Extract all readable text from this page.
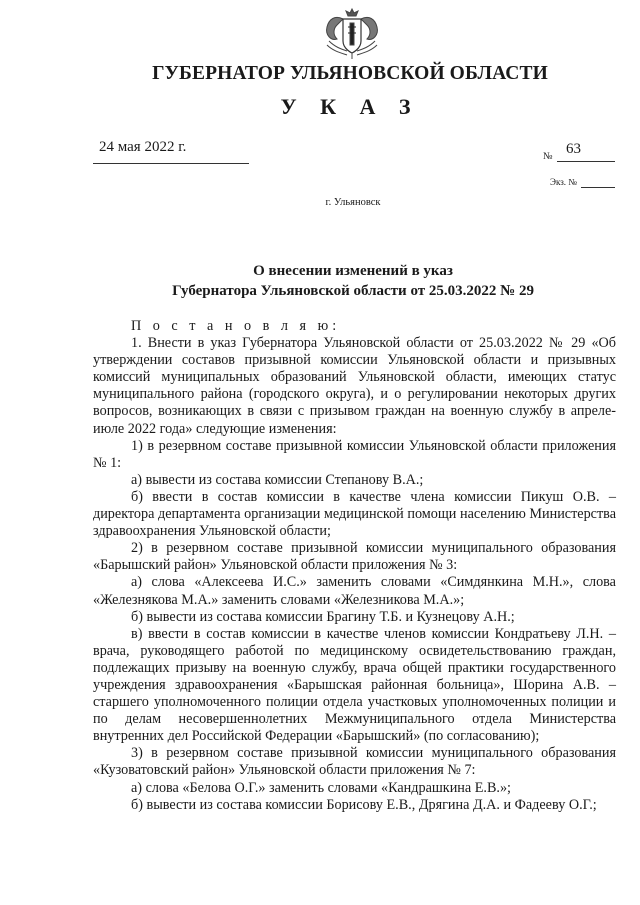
ГУБЕРНАТОР УЛЬЯНОВСКОЙ ОБЛАСТИ
У К А З
24 мая 2022 г.
№ 63
Экз. №
г. Ульяновск
О внесении изменений в указ
Губернатора Ульяновской области от 25.03.2022 № 29

П о с т а н о в л я ю:

1. Внести в указ Губернатора Ульяновской области от 25.03.2022 № 29 «Об утверждении составов призывной комиссии Ульяновской области и призывных комиссий муниципальных образований Ульяновской области, имеющих статус муниципального района (городского округа), и о регулировании некоторых других вопросов, возникающих в связи с призывом граждан на военную службу в апреле-июле 2022 года» следующие изменения:

1) в резервном составе призывной комиссии Ульяновской области приложения № 1:

а) вывести из состава комиссии Степанову В.А.;

б) ввести в состав комиссии в качестве члена комиссии Пикуш О.В. – директора департамента организации медицинской помощи населению Министерства здравоохранения Ульяновской области;

2) в резервном составе призывной комиссии муниципального образования «Барышский район» Ульяновской области приложения № 3:

а) слова «Алексеева И.С.» заменить словами «Симдянкина М.Н.», слова «Железнякова М.А.» заменить словами «Железникова М.А.»;

б) вывести из состава комиссии Брагину Т.Б. и Кузнецову А.Н.;

в) ввести в состав комиссии в качестве членов комиссии Кондратьеву Л.Н. – врача, руководящего работой по медицинскому освидетельствованию граждан, подлежащих призыву на военную службу, врача общей практики государственного учреждения здравоохранения «Барышская районная больница», Шорина А.В. – старшего уполномоченного полиции отдела участковых уполномоченных полиции и по делам несовершеннолетних Межмуниципального отдела Министерства внутренних дел Российской Федерации «Барышский» (по согласованию);

3) в резервном составе призывной комиссии муниципального образования «Кузоватовский район» Ульяновской области приложения № 7:

а) слова «Белова О.Г.» заменить словами «Кандрашкина Е.В.»;

б) вывести из состава комиссии Борисову Е.В., Дрягина Д.А. и Фадееву О.Г.;
